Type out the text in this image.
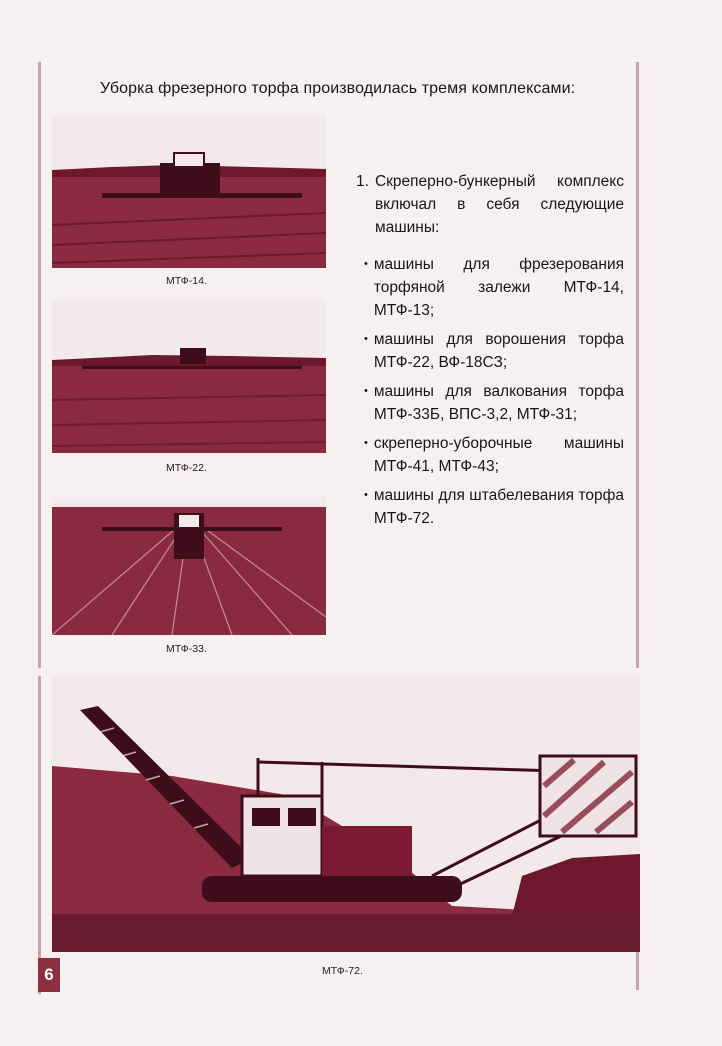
Уборка фрезерного торфа производилась тремя комплексами:
МТФ-14.
МТФ-22.
МТФ-33.
1. Скреперно-бункерный комплекс включал в себя следующие машины:
• машины для фрезерования торфяной залежи МТФ-14, МТФ-13;
• машины для ворошения торфа МТФ-22, ВФ-18СЗ;
• машины для валкования торфа МТФ-33Б, ВПС-3,2, МТФ-31;
• скреперно-уборочные машины МТФ-41, МТФ-43;
• машины для штабелевания торфа МТФ-72.
МТФ-72.
6
